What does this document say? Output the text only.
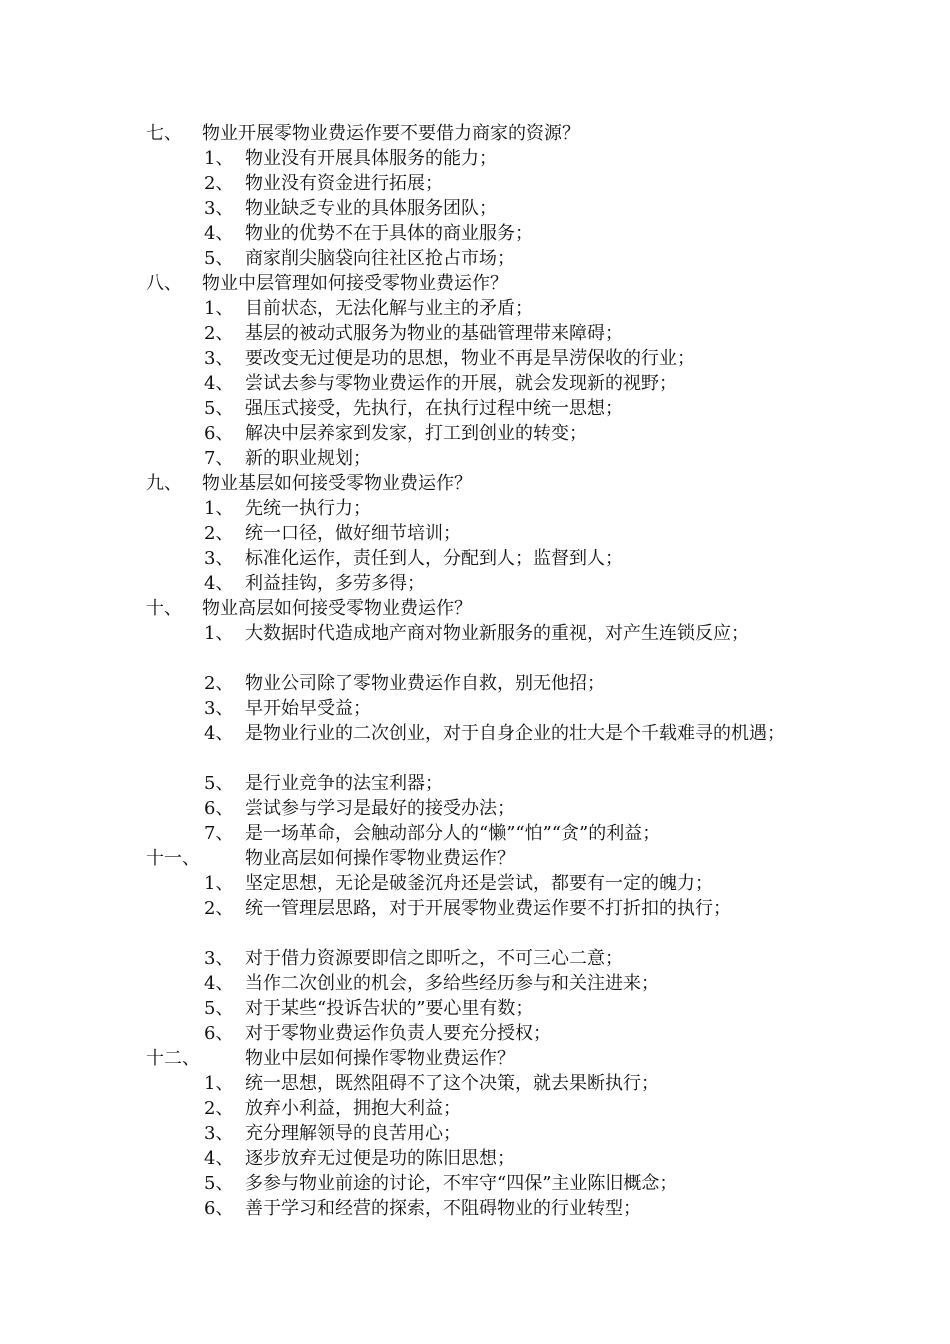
七、 物业开展零物业费运作要不要借力商家的资源？
1、 物业没有开展具体服务的能力；
2、 物业没有资金进行拓展；
3、 物业缺乏专业的具体服务团队；
4、 物业的优势不在于具体的商业服务；
5、 商家削尖脑袋向往社区抢占市场；
八、 物业中层管理如何接受零物业费运作？
1、 目前状态，无法化解与业主的矛盾；
2、 基层的被动式服务为物业的基础管理带来障碍；
3、 要改变无过便是功的思想，物业不再是旱涝保收的行业；
4、 尝试去参与零物业费运作的开展，就会发现新的视野；
5、 强压式接受，先执行，在执行过程中统一思想；
6、 解决中层养家到发家，打工到创业的转变；
7、 新的职业规划；
九、 物业基层如何接受零物业费运作？
1、 先统一执行力；
2、 统一口径，做好细节培训；
3、 标准化运作，责任到人，分配到人；监督到人；
4、 利益挂钩，多劳多得；
十、 物业高层如何接受零物业费运作？
1、 大数据时代造成地产商对物业新服务的重视，对产生连锁反应；
2、 物业公司除了零物业费运作自救，别无他招；
3、 早开始早受益；
4、 是物业行业的二次创业，对于自身企业的壮大是个千载难寻的机遇；
5、 是行业竞争的法宝利器；
6、 尝试参与学习是最好的接受办法；
7、 是一场革命，会触动部分人的“懒”“怕”“贪”的利益；
十一、	物业高层如何操作零物业费运作？
1、 坚定思想，无论是破釜沉舟还是尝试，都要有一定的魄力；
2、 统一管理层思路，对于开展零物业费运作要不打折扣的执行；
3、 对于借力资源要即信之即听之，不可三心二意；
4、 当作二次创业的机会，多给些经历参与和关注进来；
5、 对于某些“投诉告状的”要心里有数；
6、 对于零物业费运作负责人要充分授权；
十二、	物业中层如何操作零物业费运作？
1、 统一思想，既然阻碍不了这个决策，就去果断执行；
2、 放弃小利益，拥抱大利益；
3、 充分理解领导的良苦用心；
4、 逐步放弃无过便是功的陈旧思想；
5、 多参与物业前途的讨论，不牢守“四保”主业陈旧概念；
6、 善于学习和经营的探索，不阻碍物业的行业转型；
